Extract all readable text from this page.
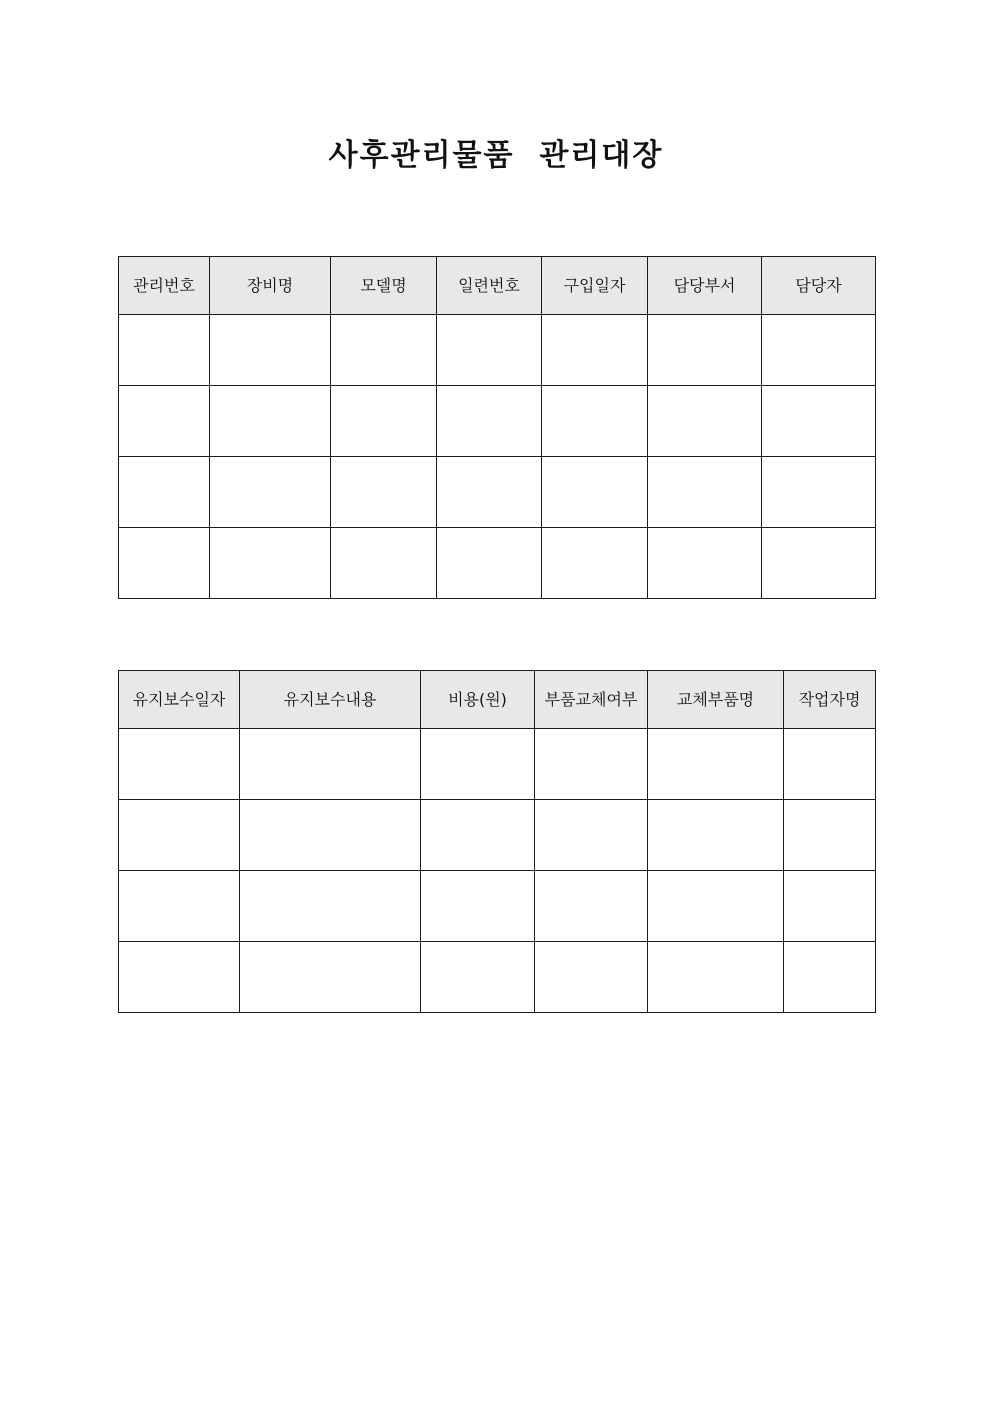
사후관리물품  관리대장
관리번호	장비명	모델명	일련번호	구입일자	담당부서	담당자

유지보수일자	유지보수내용	비용(원)	부품교체여부	교체부품명	작업자명
